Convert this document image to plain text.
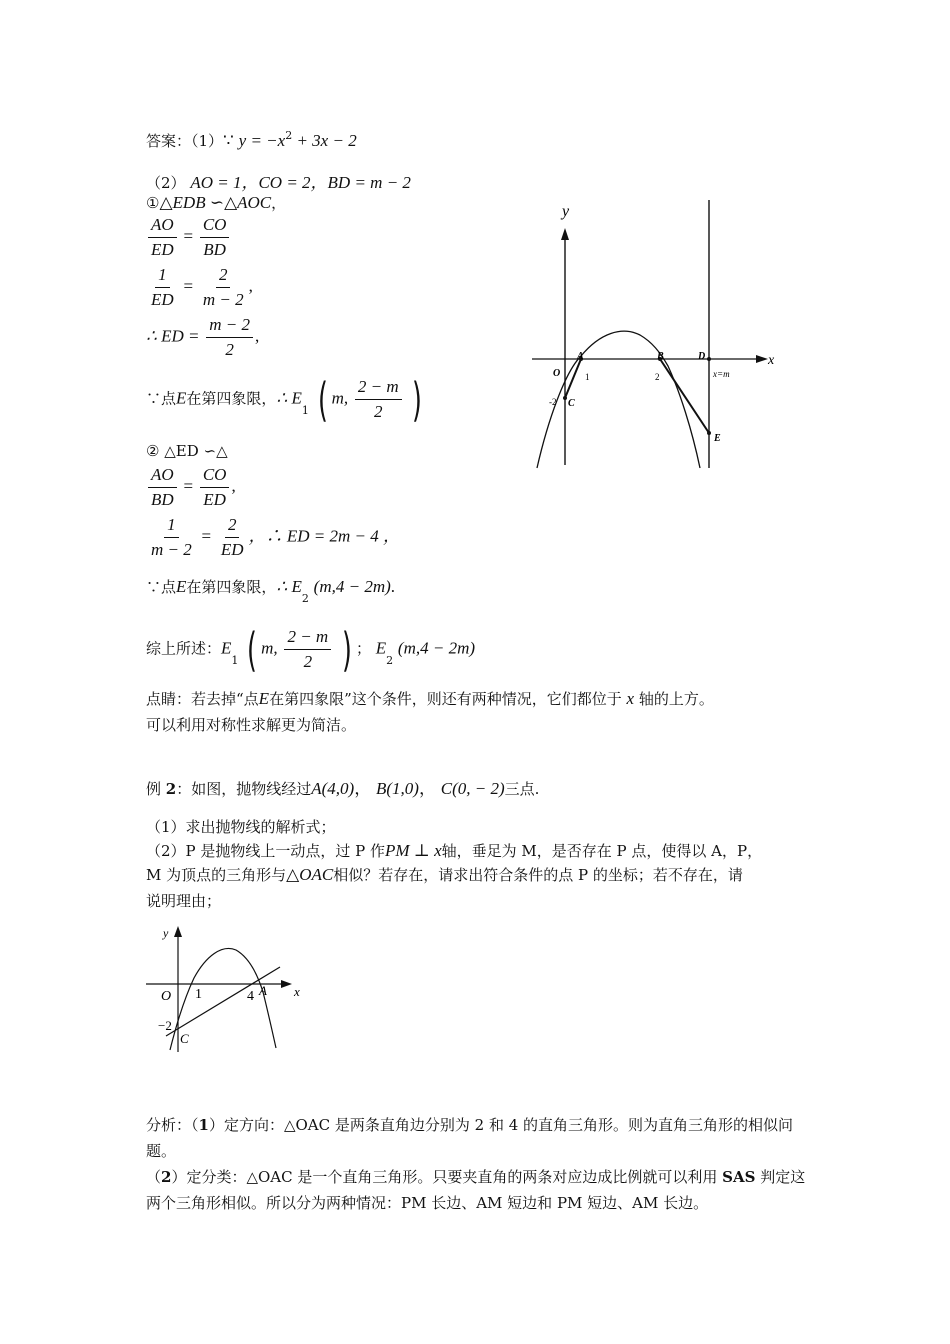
答案：（1）∵ $y = -x^2 + 3x - 2$
（2） AO = 1，CO = 2，BD = m − 2
①△EDB ∽△AOC，
$\frac{AO}{ED} = \frac{CO}{BD}$
$\frac{1}{ED} = \frac{2}{m - 2}$ ,
∴ ED = $\frac{m - 2}{2}$ ,
∵点E在第四象限，∴ $E_1$ ( m, $\frac{2 - m}{2}$ )
② △ED ∽△
$\frac{AO}{BD} = \frac{CO}{ED}$ ,
$\frac{1}{m - 2} = \frac{2}{ED}$ ，∴ ED = 2m − 4 ，
∵点E在第四象限，∴ $E_2$ (m,4 − 2m).
综上所述：$E_1$ ( m, $\frac{2 - m}{2}$ ) ； $E_2$ (m,4 − 2m)
点睛：若去掉“点E在第四象限”这个条件，则还有两种情况，它们都位于 x 轴的上方。
可以利用对称性求解更为简洁。
例 2：如图，抛物线经过A(4,0)， B(1,0)， C(0, − 2)三点.
（1）求出抛物线的解析式；
（2）P 是抛物线上一动点，过 P 作PM ⊥ x轴，垂足为 M，是否存在 P 点，使得以 A，P，
M 为顶点的三角形与△OAC相似？若存在，请求出符合条件的点 P 的坐标；若不存在，请
说明理由；
分析：（1）定方向：△OAC 是两条直角边分别为 2 和 4 的直角三角形。则为直角三角形的相似问题。
（2）定分类：△OAC 是一个直角三角形。只要夹直角的两条对应边成比例就可以利用 SAS 判定这两个三角形相似。所以分为两种情况：PM 长边、AM 短边和 PM 短边、AM 长边。
y
x
O
A	B	D
C
E
1	2
-2
x=m
y
x
O 1	4 A
−2
C
